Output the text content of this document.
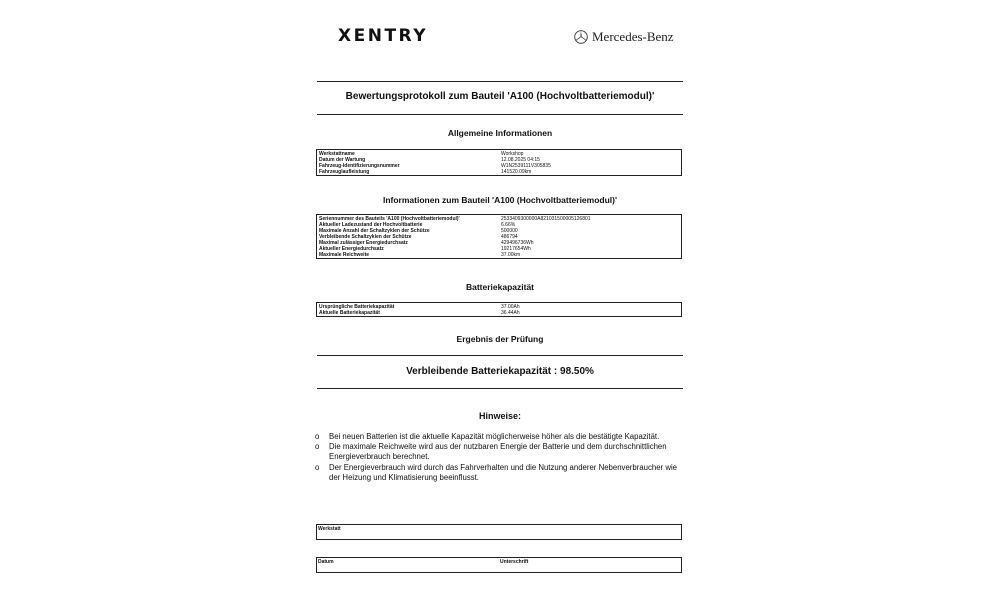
XENTRY	Mercedes-Benz
Bewertungsprotokoll zum Bauteil 'A100 (Hochvoltbatteriemodul)'
Allgemeine Informationen
Werkstattname	Workshop
Datum der Wartung	12.08.2025 04:15
Fahrzeug-Identifizierungsnummer	W1N2539111V305835
Fahrzeuglaufleistung	141520.09km
Informationen zum Bauteil 'A100 (Hochvoltbatteriemodul)'
Seriennummer des Bauteils 'A100 (Hochvoltbatteriemodul)'	2533409300000A821031500005126801
Aktueller Ladezustand der Hochvoltbatterie	6.66%
Maximale Anzahl der Schaltzyklen der Schütze	500000
Verbleibende Schaltzyklen der Schütze	486794
Maximal zulässiger Energiedurchsatz	429496736Wh
Aktueller Energiedurchsatz	19217654Wh
Maximale Reichweite	37.00km
Batteriekapazität
Ursprüngliche Batteriekapazität	37.00Ah
Aktuelle Batteriekapazität	36.44Ah
Ergebnis der Prüfung
Verbleibende Batteriekapazität : 98.50%
Hinweise:
o Bei neuen Batterien ist die aktuelle Kapazität möglicherweise höher als die bestätigte Kapazität.
o Die maximale Reichweite wird aus der nutzbaren Energie der Batterie und dem durchschnittlichen Energieverbrauch berechnet.
o Der Energieverbrauch wird durch das Fahrverhalten und die Nutzung anderer Nebenverbraucher wie der Heizung und Klimatisierung beeinflusst.
Werkstatt
Datum	Unterschrift
